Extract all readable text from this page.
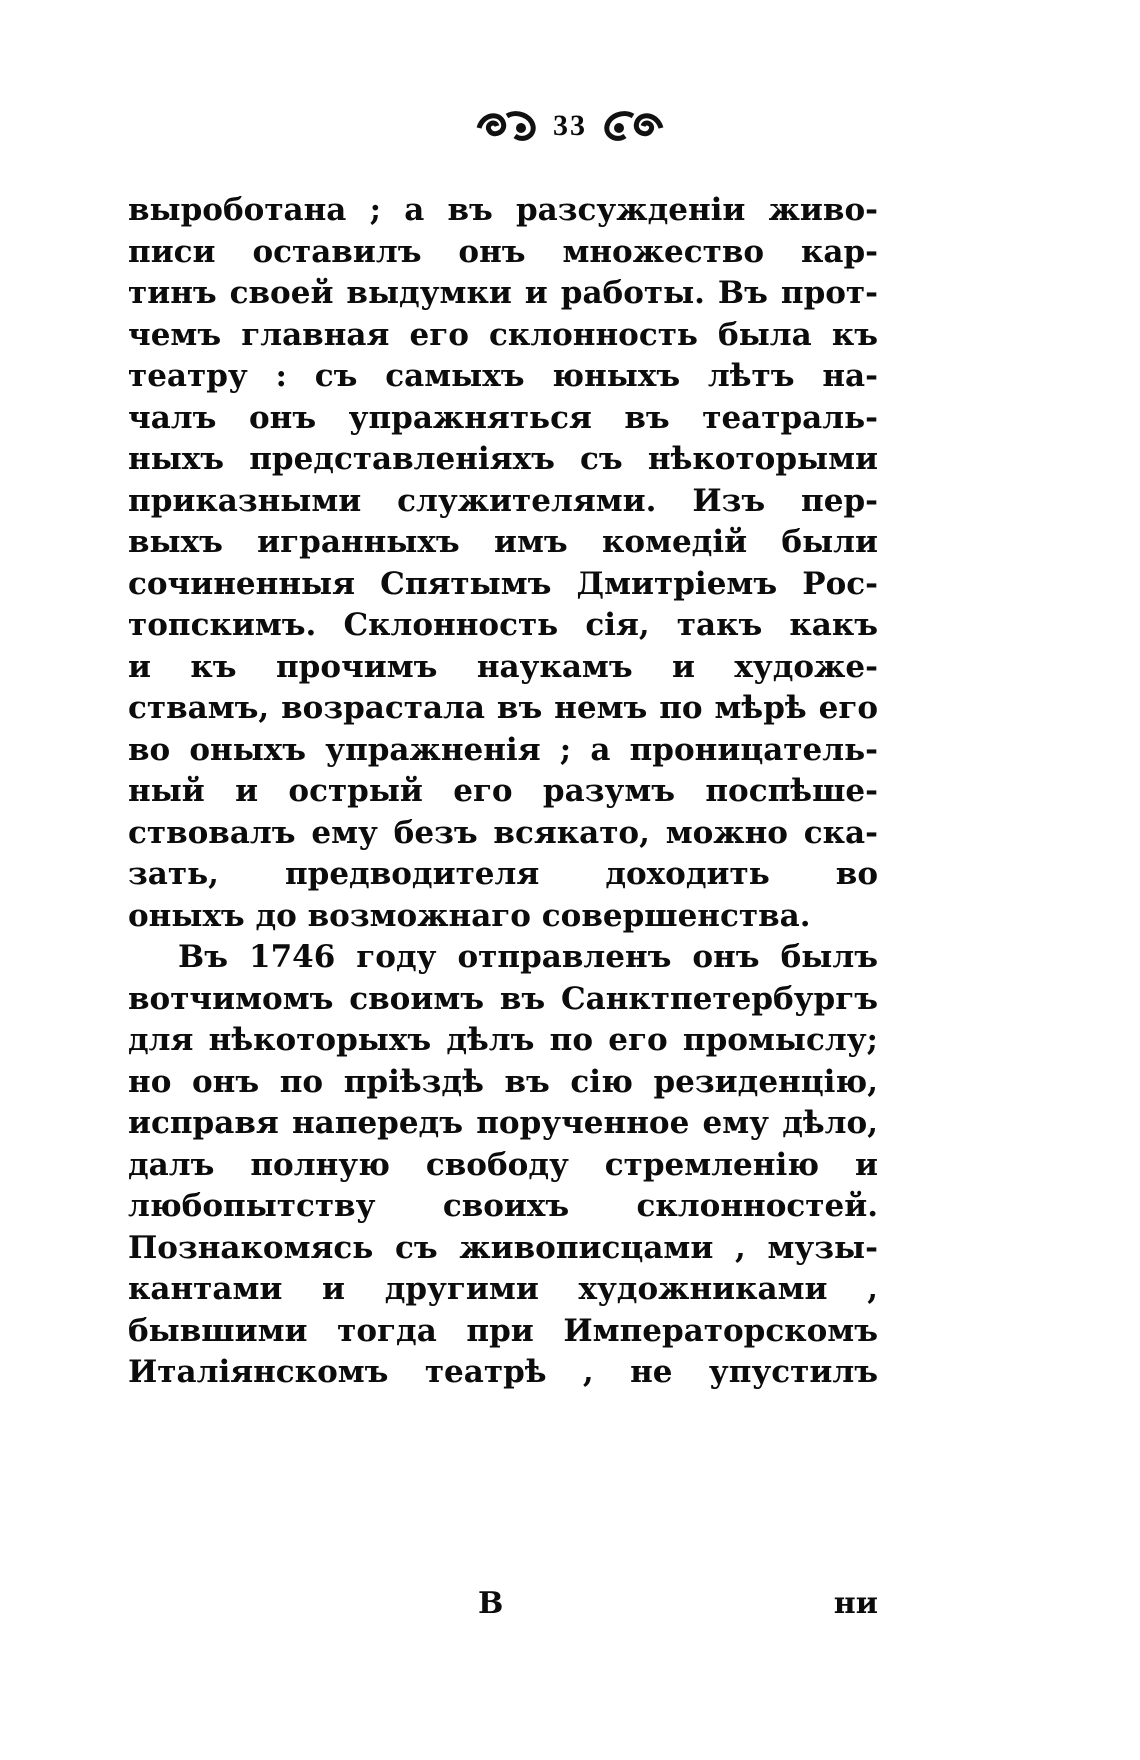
33
выроботана ; а въ разсужденіи живо-
писи оставилъ онъ множество кар-
тинъ своей выдумки и работы. Въ прот-
чемъ главная его склонность была къ
театру : съ самыхъ юныхъ лѣтъ на-
чалъ онъ упражняться въ театраль-
ныхъ представленіяхъ съ нѣкоторыми
приказными служителями. Изъ пер-
выхъ игранныхъ имъ комедій были
сочиненныя Спятымъ Дмитріемъ Рос-
топскимъ. Склонность сія, такъ какъ
и къ прочимъ наукамъ и художе-
ствамъ, возрастала въ немъ по мѣрѣ его
во оныхъ упражненія ; а проницатель-
ный и острый его разумъ поспѣше-
ствовалъ ему безъ всякато, можно ска-
зать, предводителя доходить во
оныхъ до возможнаго совершенства.
Въ 1746 году отправленъ онъ былъ
вотчимомъ своимъ въ Санктпетербургъ
для нѣкоторыхъ дѣлъ по его промыслу;
но онъ по пріѣздѣ въ сію резиденцію,
исправя напередъ порученное ему дѣло,
далъ полную свободу стремленію и
любопытству своихъ склонностей.
Познакомясь съ живописцами , музы-
кантами и другими художниками ,
бывшими тогда при Императорскомъ
Италіянскомъ театрѣ , не упустилъ
В	ни
